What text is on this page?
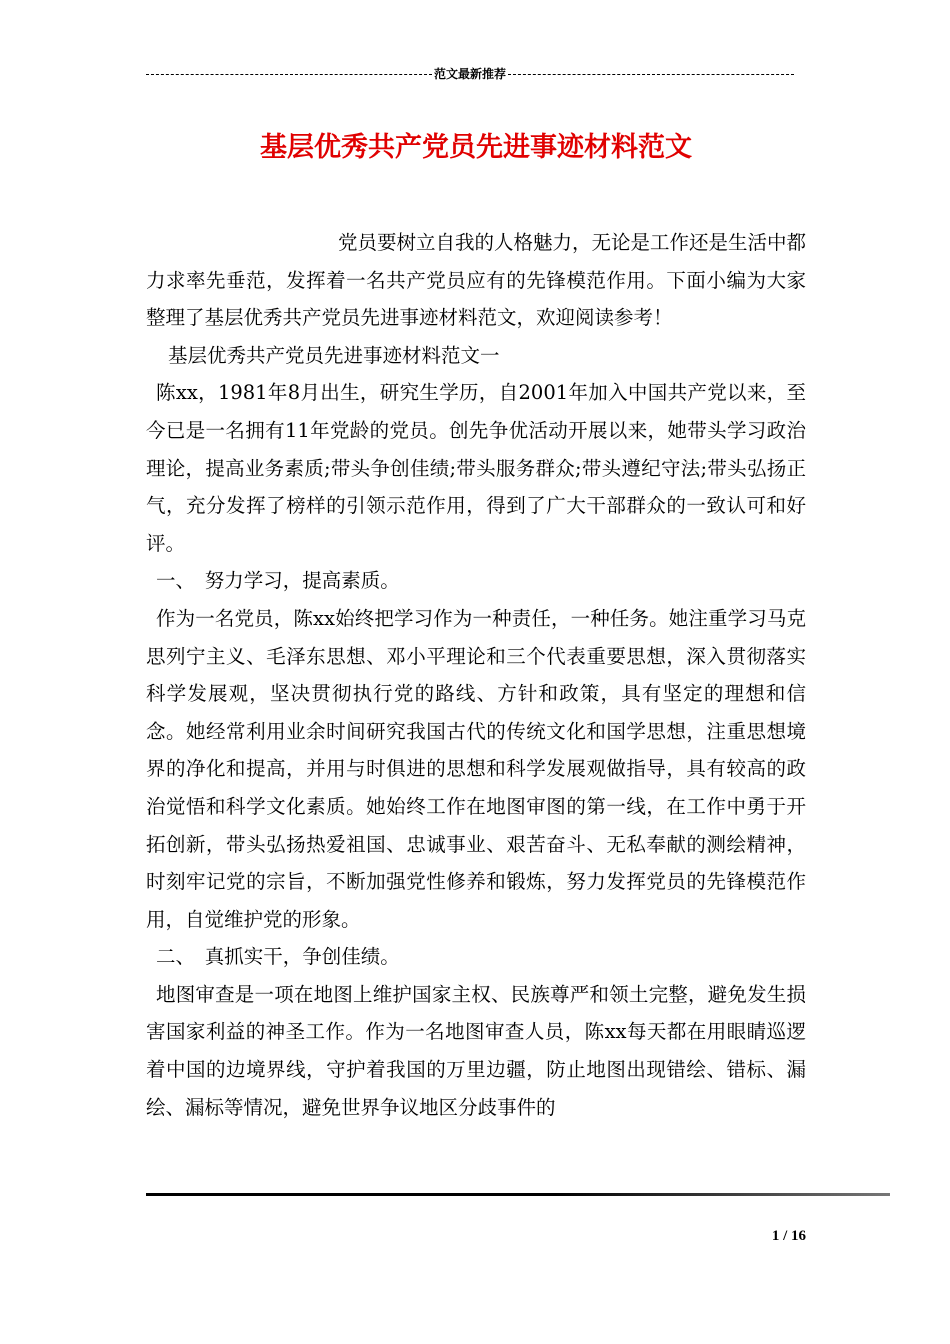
范文最新推荐
基层优秀共产党员先进事迹材料范文

党员要树立自我的人格魅力，无论是工作还是生活中都力求率先垂范，发挥着一名共产党员应有的先锋模范作用。下面小编为大家整理了基层优秀共产党员先进事迹材料范文，欢迎阅读参考！

基层优秀共产党员先进事迹材料范文一

陈xx，1981年8月出生，研究生学历，自2001年加入中国共产党以来，至今已是一名拥有11年党龄的党员。创先争优活动开展以来，她带头学习政治理论，提高业务素质;带头争创佳绩;带头服务群众;带头遵纪守法;带头弘扬正气，充分发挥了榜样的引领示范作用，得到了广大干部群众的一致认可和好评。

一、　努力学习，提高素质。

作为一名党员，陈xx始终把学习作为一种责任，一种任务。她注重学习马克思列宁主义、毛泽东思想、邓小平理论和三个代表重要思想，深入贯彻落实科学发展观，坚决贯彻执行党的路线、方针和政策，具有坚定的理想和信念。她经常利用业余时间研究我国古代的传统文化和国学思想，注重思想境界的净化和提高，并用与时俱进的思想和科学发展观做指导，具有较高的政治觉悟和科学文化素质。她始终工作在地图审图的第一线，在工作中勇于开拓创新，带头弘扬热爱祖国、忠诚事业、艰苦奋斗、无私奉献的测绘精神，时刻牢记党的宗旨，不断加强党性修养和锻炼，努力发挥党员的先锋模范作用，自觉维护党的形象。

二、　真抓实干，争创佳绩。

地图审查是一项在地图上维护国家主权、民族尊严和领土完整，避免发生损害国家利益的神圣工作。作为一名地图审查人员，陈xx每天都在用眼睛巡逻着中国的边境界线，守护着我国的万里边疆，防止地图出现错绘、错标、漏绘、漏标等情况，避免世界争议地区分歧事件的

1 / 16
